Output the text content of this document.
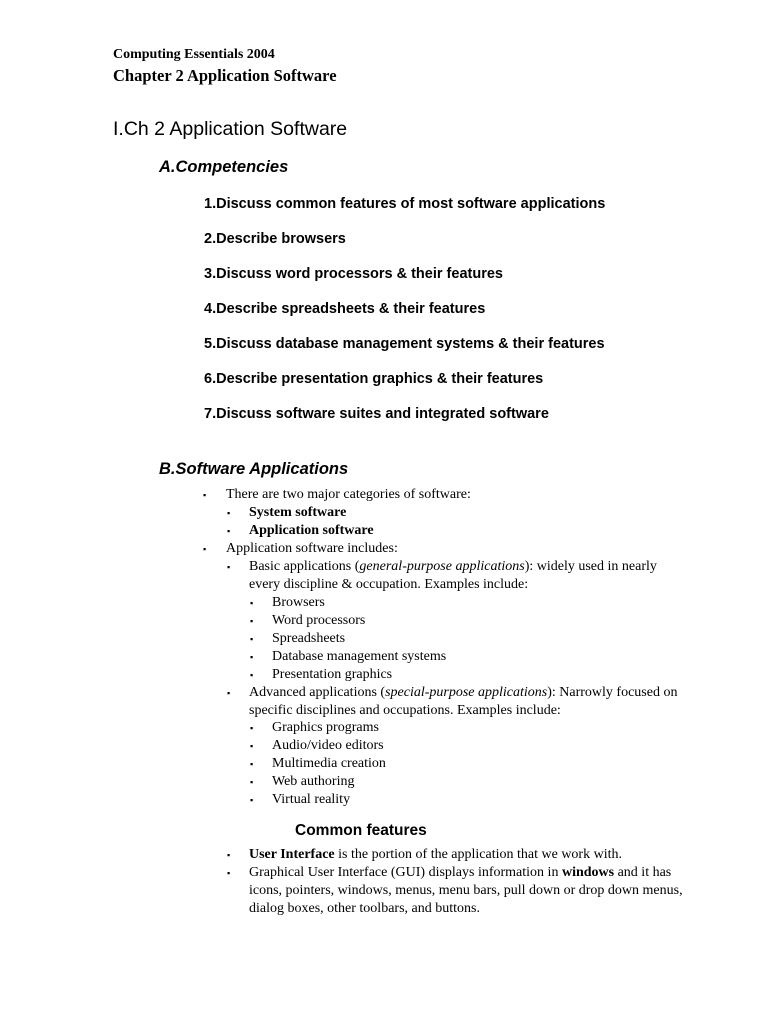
Computing Essentials 2004
Chapter 2 Application Software
I.Ch 2 Application Software
A.Competencies
1.Discuss common features of most software applications
2.Describe browsers
3.Discuss word processors & their features
4.Describe spreadsheets & their features
5.Discuss database management systems & their features
6.Describe presentation graphics & their features
7.Discuss software suites and integrated software
B.Software Applications
▪ There are two major categories of software:
▪ System software
▪ Application software
▪ Application software includes:
▪ Basic applications (general-purpose applications): widely used in nearly
every discipline & occupation. Examples include:
▪ Browsers
▪ Word processors
▪ Spreadsheets
▪ Database management systems
▪ Presentation graphics
▪ Advanced applications (special-purpose applications): Narrowly focused on
specific disciplines and occupations. Examples include:
▪ Graphics programs
▪ Audio/video editors
▪ Multimedia creation
▪ Web authoring
▪ Virtual reality
Common features
▪ User Interface is the portion of the application that we work with.
▪ Graphical User Interface (GUI) displays information in windows and it has
icons, pointers, windows, menus, menu bars, pull down or drop down menus,
dialog boxes, other toolbars, and buttons.
